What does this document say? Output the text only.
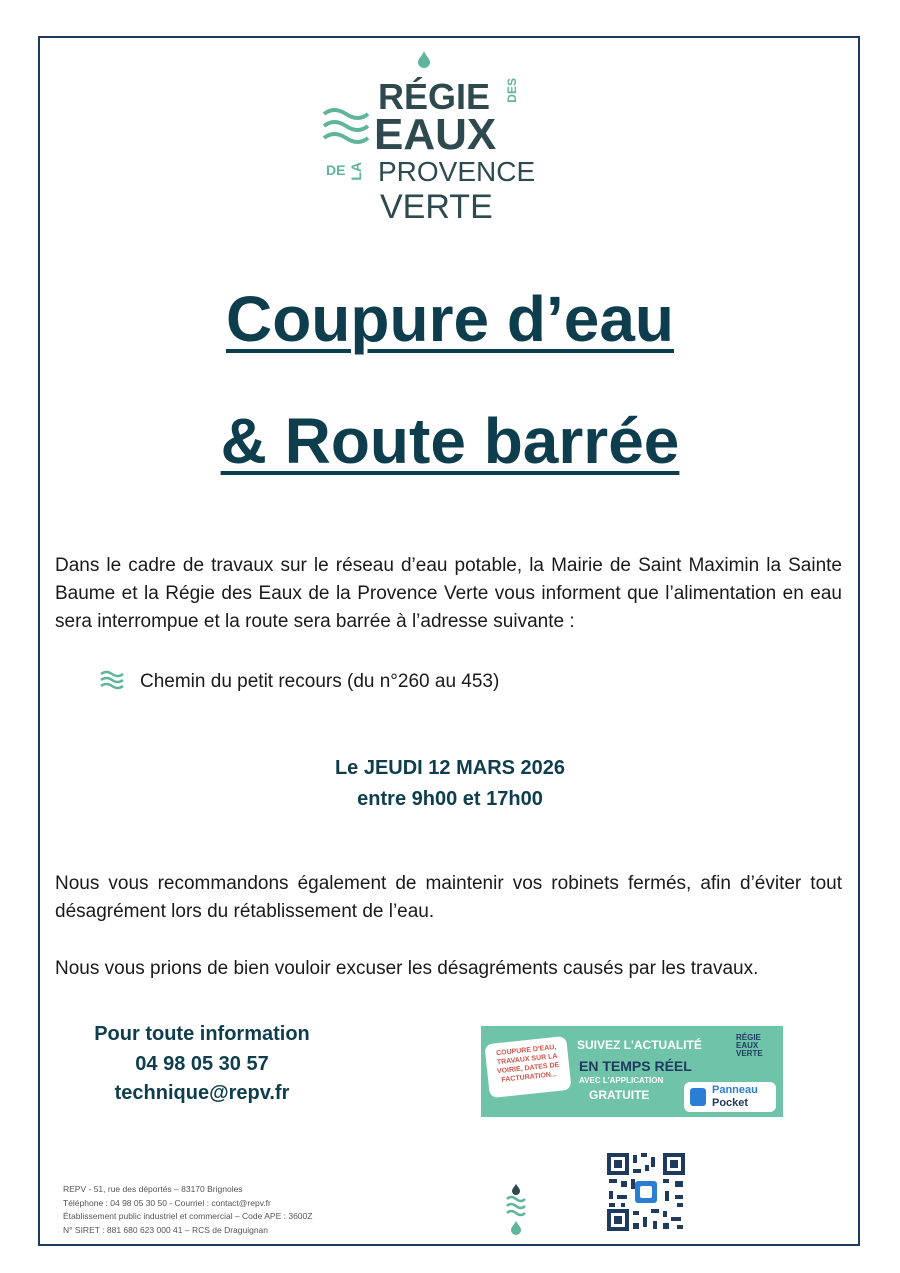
RÉGIE DES
EAUX
DE LA PROVENCE
VERTE
Coupure d’eau
& Route barrée
Dans le cadre de travaux sur le réseau d’eau potable, la Mairie de Saint Maximin la Sainte Baume et la Régie des Eaux de la Provence Verte vous informent que l’alimentation en eau sera interrompue et la route sera barrée à l’adresse suivante :
Chemin du petit recours (du n°260 au 453)
Le JEUDI 12 MARS 2026
entre 9h00 et 17h00
Nous vous recommandons également de maintenir vos robinets fermés, afin d’éviter tout désagrément lors du rétablissement de l’eau.
Nous vous prions de bien vouloir excuser les désagréments causés par les travaux.
Pour toute information
04 98 05 30 57
technique@repv.fr
COUPURE D'EAU, TRAVAUX SUR LA VOIRIE, DATES DE FACTURATION...
SUIVEZ L'ACTUALITÉ
EN TEMPS RÉEL
AVEC L'APPLICATION
GRATUITE
RÉGIE EAUX VERTE
Panneau
Pocket
REPV - 51, rue des déportés – 83170 Brignoles
Téléphone : 04 98 05 30 50 - Courriel : contact@repv.fr
Établissement public industriel et commercial – Code APE : 3600Z
N° SIRET : 881 680 623 000 41 – RCS de Draguignan
